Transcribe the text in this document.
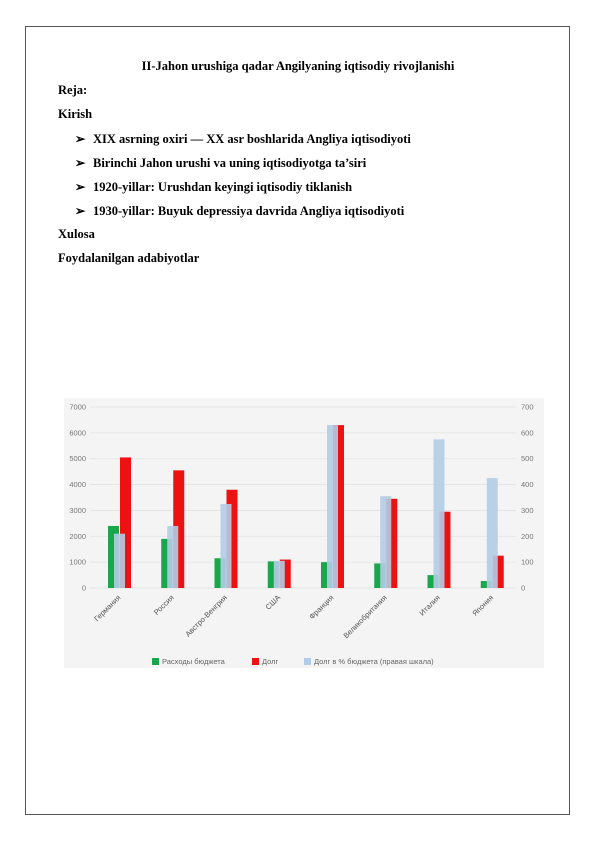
II-Jahon urushiga qadar Angilyaning iqtisodiy rivojlanishi
Reja:
Kirish
➢ XIX asrning oxiri — XX asr boshlarida Angliya iqtisodiyoti
➢ Birinchi Jahon urushi va uning iqtisodiyotga ta’siri
➢ 1920-yillar: Urushdan keyingi iqtisodiy tiklanish
➢ 1930-yillar: Buyuk depressiya davrida Angliya iqtisodiyoti
Xulosa
Foydalanilgan adabiyotlar
7000
6000
5000
4000
3000
2000
1000
0
700
600
500
400
300
200
100
0
Германия	Россия Австро-Венгрия	США	Франция Великобритания	Италия	Япония
Расходы бюджета	Долг	Долг в % бюджета (правая шкала)
